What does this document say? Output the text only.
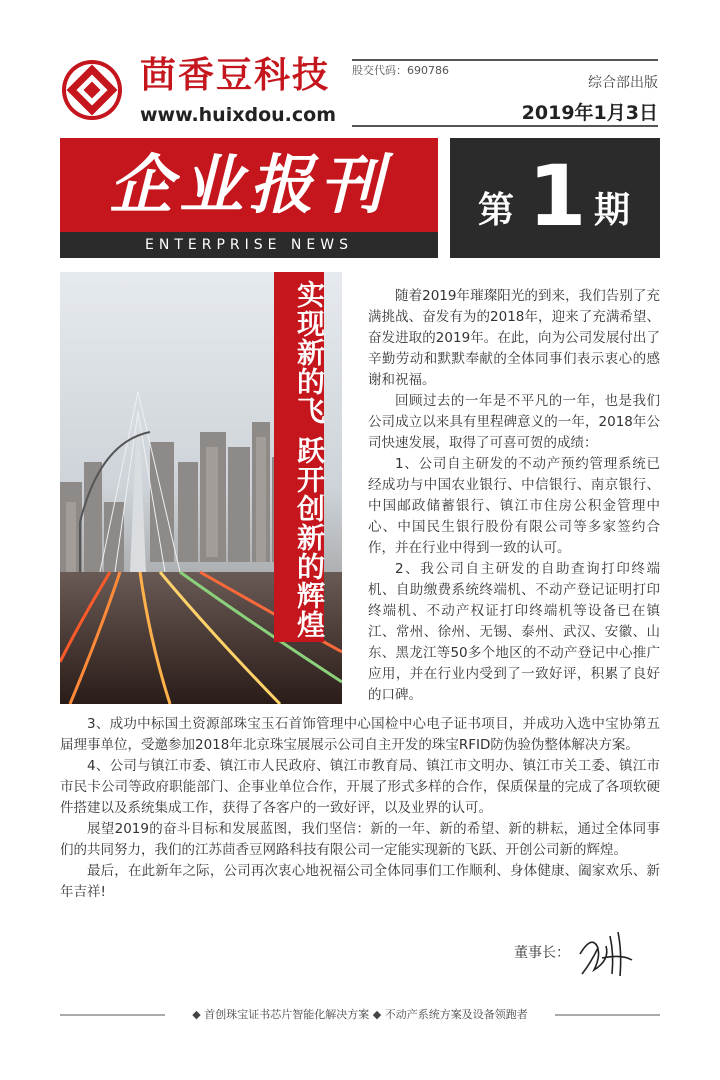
茴香豆科技
www.huixdou.com
股交代码：690786
综合部出版
2019年1月3日
企业报刊
ENTERPRISE NEWS
第 1 期
实现新的飞 跃开创新的辉煌	随着2019年璀璨阳光的到来，我们告别了充满挑战、奋发有为的2018年，迎来了充满希望、奋发进取的2019年。在此，向为公司发展付出了辛勤劳动和默默奉献的全体同事们表示衷心的感谢和祝福。

回顾过去的一年是不平凡的一年，也是我们公司成立以来具有里程碑意义的一年，2018年公司快速发展，取得了可喜可贺的成绩：

1、公司自主研发的不动产预约管理系统已经成功与中国农业银行、中信银行、南京银行、中国邮政储蓄银行、镇江市住房公积金管理中心、中国民生银行股份有限公司等多家签约合作，并在行业中得到一致的认可。

2、我公司自主研发的自助查询打印终端机、自助缴费系统终端机、不动产登记证明打印终端机、不动产权证打印终端机等设备已在镇江、常州、徐州、无锡、泰州、武汉、安徽、山东、黑龙江等50多个地区的不动产登记中心推广应用，并在行业内受到了一致好评，积累了良好的口碑。

3、成功中标国土资源部珠宝玉石首饰管理中心国检中心电子证书项目，并成功入选中宝协第五届理事单位，受邀参加2018年北京珠宝展展示公司自主开发的珠宝RFID防伪验伪整体解决方案。

4、公司与镇江市委、镇江市人民政府、镇江市教育局、镇江市文明办、镇江市关工委、镇江市市民卡公司等政府职能部门、企事业单位合作，开展了形式多样的合作，保质保量的完成了各项软硬件搭建以及系统集成工作，获得了各客户的一致好评，以及业界的认可。

展望2019的奋斗目标和发展蓝图，我们坚信：新的一年、新的希望、新的耕耘，通过全体同事们的共同努力，我们的江苏茴香豆网路科技有限公司一定能实现新的飞跃、开创公司新的辉煌。

最后，在此新年之际，公司再次衷心地祝福公司全体同事们工作顺利、身体健康、阖家欢乐、新年吉祥!

董事长：
◆ 首创珠宝证书芯片智能化解决方案 ◆ 不动产系统方案及设备领跑者
